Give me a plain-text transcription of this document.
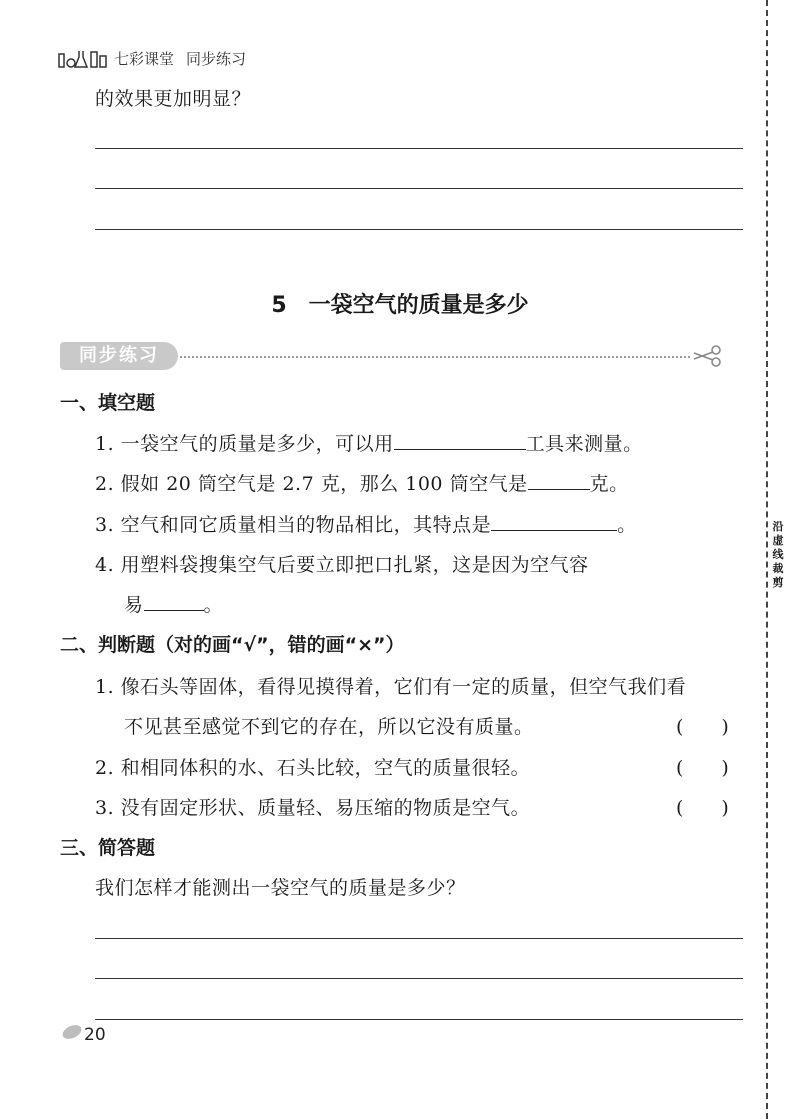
七彩课堂 同步练习
的效果更加明显？
5 一袋空气的质量是多少
同步练习
一、填空题
1. 一袋空气的质量是多少，可以用	工具来测量。
2. 假如 20 筒空气是 2.7 克，那么 100 筒空气是	克。
3. 空气和同它质量相当的物品相比，其特点是	。
4. 用塑料袋搜集空气后要立即把口扎紧，这是因为空气容
易	。
二、判断题（对的画“√”，错的画“×”）
1. 像石头等固体，看得见摸得着，它们有一定的质量，但空气我们看
不见甚至感觉不到它的存在，所以它没有质量。	(　　)
2. 和相同体积的水、石头比较，空气的质量很轻。	(　　)
3. 没有固定形状、质量轻、易压缩的物质是空气。	(　　)
三、简答题
我们怎样才能测出一袋空气的质量是多少？
沿虚线裁剪
20
